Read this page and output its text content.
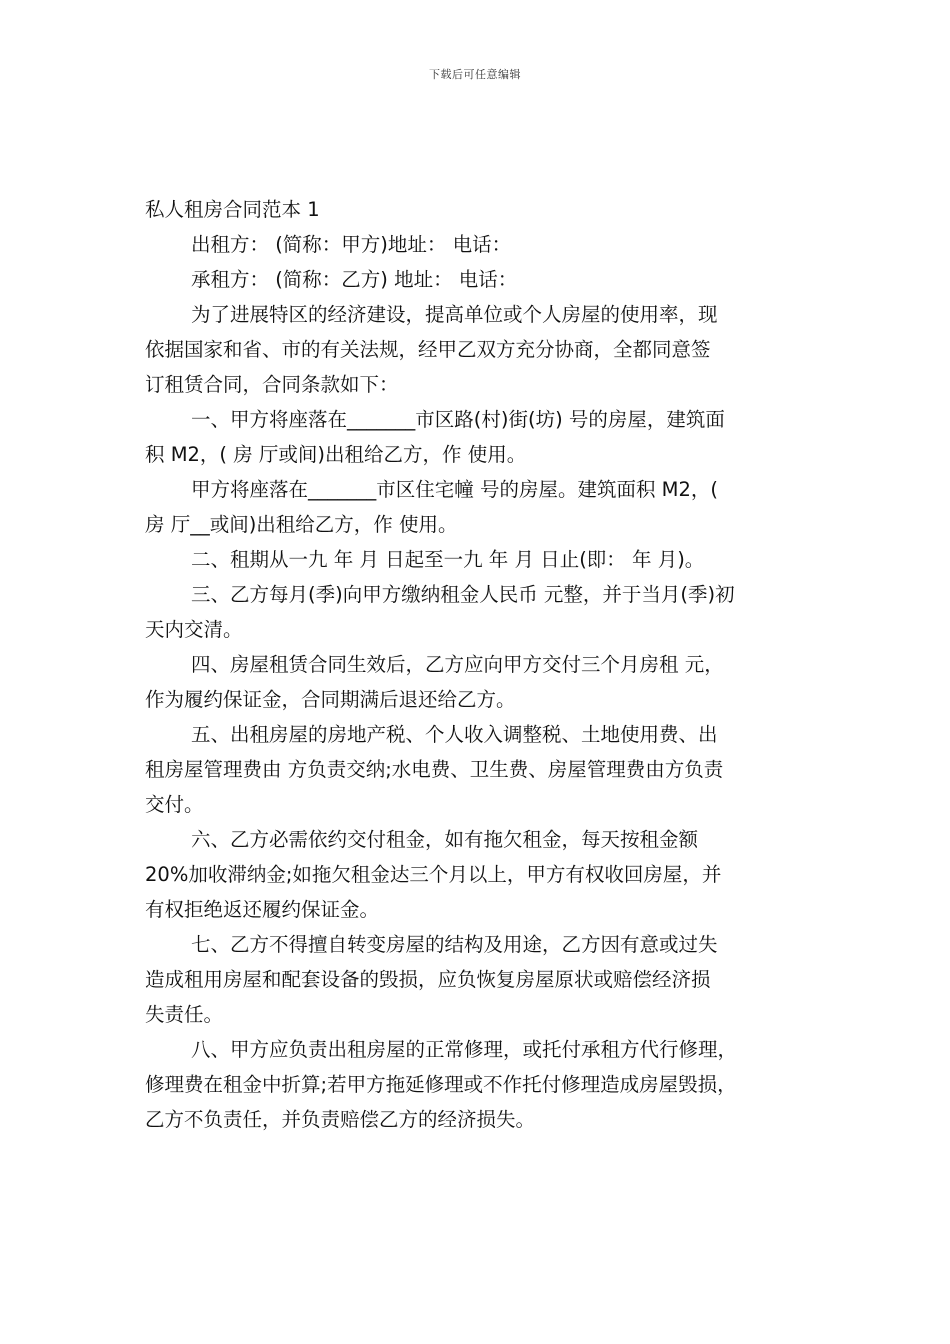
下载后可任意编辑
私人租房合同范本 1
出租方： (简称：甲方)地址： 电话：
承租方： (简称：乙方) 地址： 电话：
为了进展特区的经济建设，提高单位或个人房屋的使用率，现
依据国家和省、市的有关法规，经甲乙双方充分协商，全都同意签
订租赁合同，合同条款如下：
一、甲方将座落在_______市区路(村)街(坊) 号的房屋，建筑面
积 M2，( 房 厅或间)出租给乙方，作 使用。
甲方将座落在_______市区住宅幢 号的房屋。建筑面积 M2，(
房 厅__或间)出租给乙方，作 使用。
二、租期从一九 年 月 日起至一九 年 月 日止(即： 年 月)。
三、乙方每月(季)向甲方缴纳租金人民币 元整，并于当月(季)初
天内交清。
四、房屋租赁合同生效后，乙方应向甲方交付三个月房租 元，
作为履约保证金，合同期满后退还给乙方。
五、出租房屋的房地产税、个人收入调整税、土地使用费、出
租房屋管理费由 方负责交纳;水电费、卫生费、房屋管理费由方负责
交付。
六、乙方必需依约交付租金，如有拖欠租金，每天按租金额
20%加收滞纳金;如拖欠租金达三个月以上，甲方有权收回房屋，并
有权拒绝返还履约保证金。
七、乙方不得擅自转变房屋的结构及用途，乙方因有意或过失
造成租用房屋和配套设备的毁损，应负恢复房屋原状或赔偿经济损
失责任。
八、甲方应负责出租房屋的正常修理，或托付承租方代行修理，
修理费在租金中折算;若甲方拖延修理或不作托付修理造成房屋毁损，
乙方不负责任，并负责赔偿乙方的经济损失。
